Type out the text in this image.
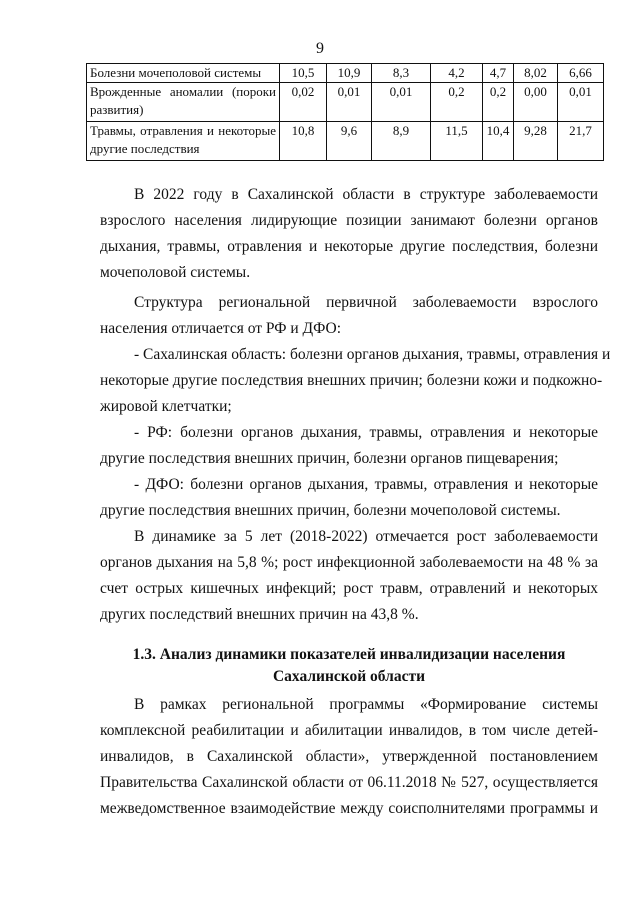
9
Болезни мочеполовой системы	10,5	10,9	8,3	4,2	4,7	8,02	6,66
Врожденные аномалии (пороки развития)	0,02	0,01	0,01	0,2	0,2	0,00	0,01
Травмы, отравления и некоторые другие последствия	10,8	9,6	8,9	11,5	10,4	9,28	21,7
В 2022 году в Сахалинской области в структуре заболеваемости
взрослого населения лидирующие позиции занимают болезни органов
дыхания, травмы, отравления и некоторые другие последствия, болезни
мочеполовой системы.
Структура региональной первичной заболеваемости взрослого
населения отличается от РФ и ДФО:
- Сахалинская область: болезни органов дыхания, травмы, отравления и
некоторые другие последствия внешних причин; болезни кожи и подкожно-
жировой клетчатки;
- РФ: болезни органов дыхания, травмы, отравления и некоторые
другие последствия внешних причин, болезни органов пищеварения;
- ДФО: болезни органов дыхания, травмы, отравления и некоторые
другие последствия внешних причин, болезни мочеполовой системы.
В динамике за 5 лет (2018-2022) отмечается рост заболеваемости
органов дыхания на 5,8 %; рост инфекционной заболеваемости на 48 % за
счет острых кишечных инфекций; рост травм, отравлений и некоторых
других последствий внешних причин на 43,8 %.
1.3. Анализ динамики показателей инвалидизации населения
Сахалинской области
В рамках региональной программы «Формирование системы
комплексной реабилитации и абилитации инвалидов, в том числе детей-
инвалидов, в Сахалинской области», утвержденной постановлением
Правительства Сахалинской области от 06.11.2018 № 527, осуществляется
межведомственное взаимодействие между соисполнителями программы и
